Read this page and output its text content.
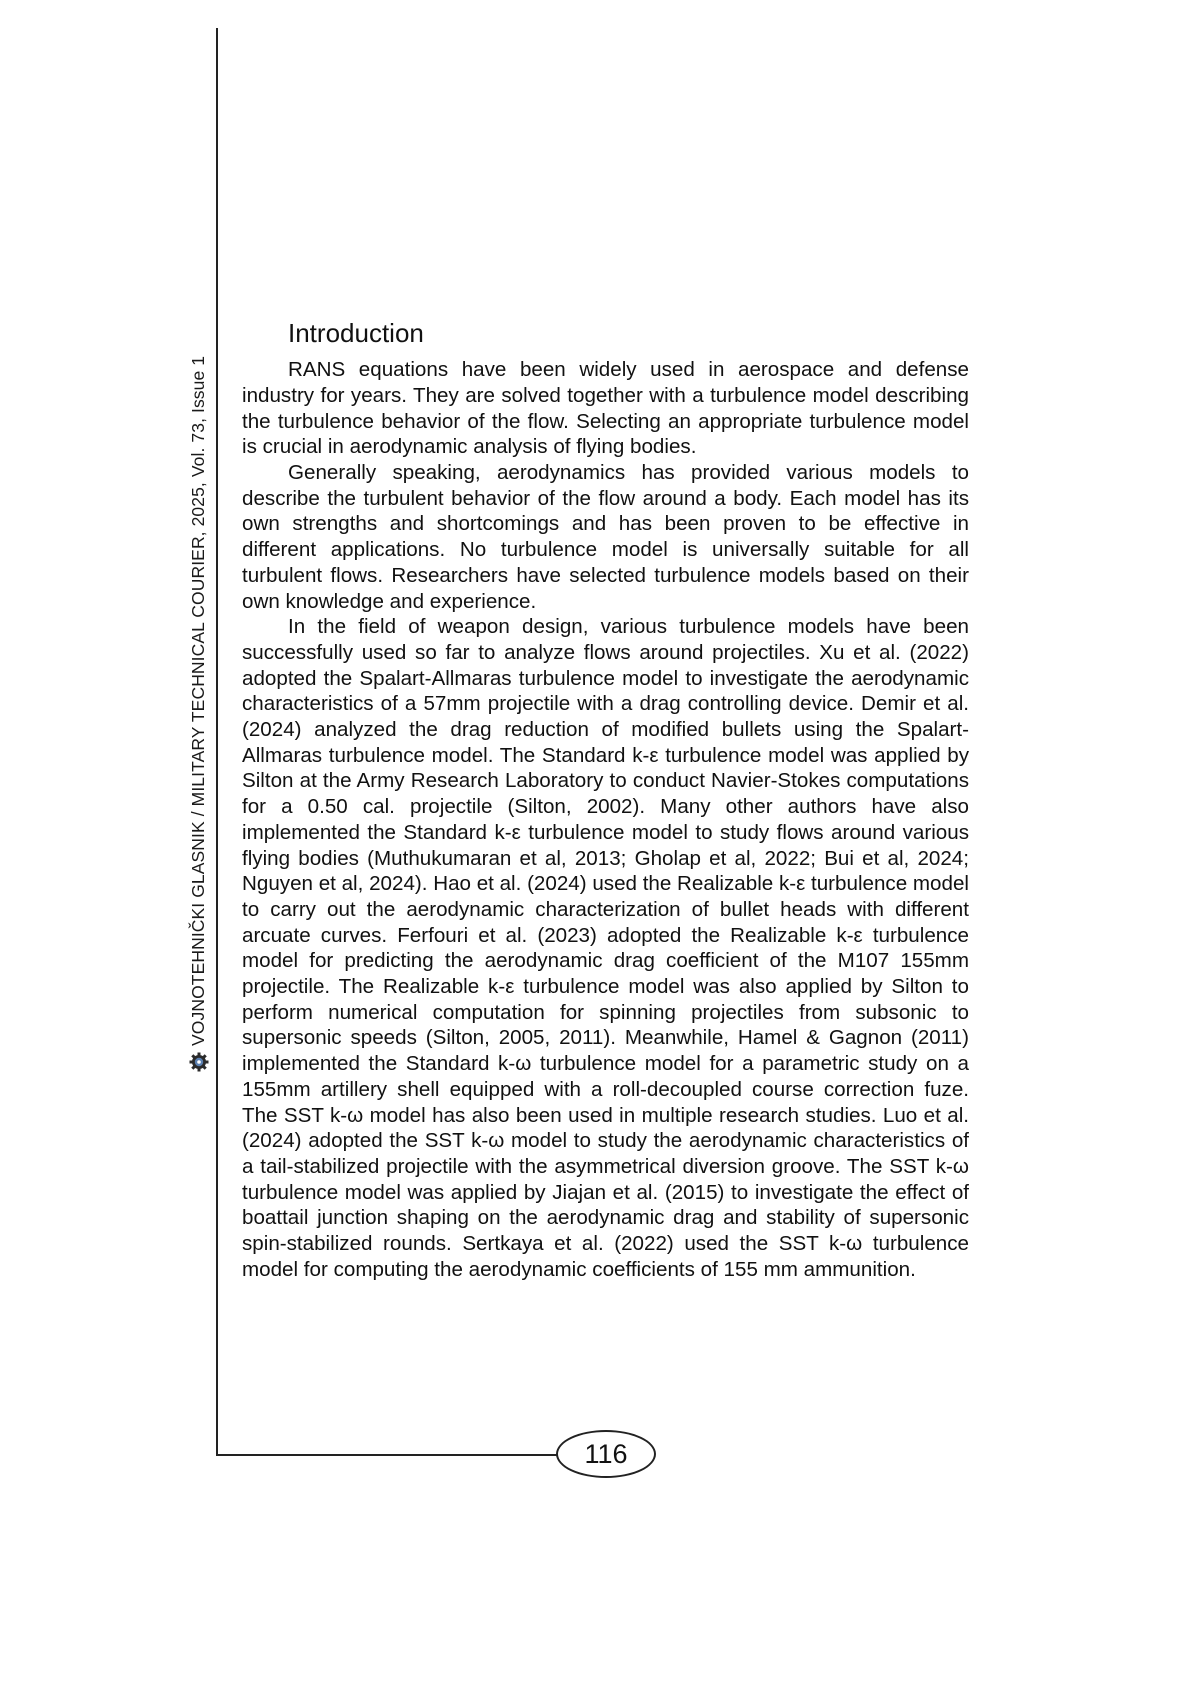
VOJNOTEHNIČKI GLASNIK / MILITARY TECHNICAL COURIER, 2025, Vol. 73, Issue 1
Introduction

RANS equations have been widely used in aerospace and defense industry for years. They are solved together with a turbulence model describing the turbulence behavior of the flow. Selecting an appropriate turbulence model is crucial in aerodynamic analysis of flying bodies.

Generally speaking, aerodynamics has provided various models to describe the turbulent behavior of the flow around a body. Each model has its own strengths and shortcomings and has been proven to be effective in different applications. No turbulence model is universally suitable for all turbulent flows. Researchers have selected turbulence models based on their own knowledge and experience.

In the field of weapon design, various turbulence models have been successfully used so far to analyze flows around projectiles. Xu et al. (2022) adopted the Spalart-Allmaras turbulence model to investigate the aerodynamic characteristics of a 57mm projectile with a drag controlling device. Demir et al. (2024) analyzed the drag reduction of modified bullets using the Spalart-Allmaras turbulence model. The Standard k-ε turbulence model was applied by Silton at the Army Research Laboratory to conduct Navier-Stokes computations for a 0.50 cal. projectile (Silton, 2002). Many other authors have also implemented the Standard k-ε turbulence model to study flows around various flying bodies (Muthukumaran et al, 2013; Gholap et al, 2022; Bui et al, 2024; Nguyen et al, 2024). Hao et al. (2024) used the Realizable k-ε turbulence model to carry out the aerodynamic characterization of bullet heads with different arcuate curves. Ferfouri et al. (2023) adopted the Realizable k-ε turbulence model for predicting the aerodynamic drag coefficient of the M107 155mm projectile. The Realizable k-ε turbulence model was also applied by Silton to perform numerical computation for spinning projectiles from subsonic to supersonic speeds (Silton, 2005, 2011). Meanwhile, Hamel & Gagnon (2011) implemented the Standard k-ω turbulence model for a parametric study on a 155mm artillery shell equipped with a roll-decoupled course correction fuze. The SST k-ω model has also been used in multiple research studies. Luo et al. (2024) adopted the SST k-ω model to study the aerodynamic characteristics of a tail-stabilized projectile with the asymmetrical diversion groove. The SST k-ω turbulence model was applied by Jiajan et al. (2015) to investigate the effect of boattail junction shaping on the aerodynamic drag and stability of supersonic spin-stabilized rounds. Sertkaya et al. (2022) used the SST k-ω turbulence model for computing the aerodynamic coefficients of 155 mm ammunition.

116
